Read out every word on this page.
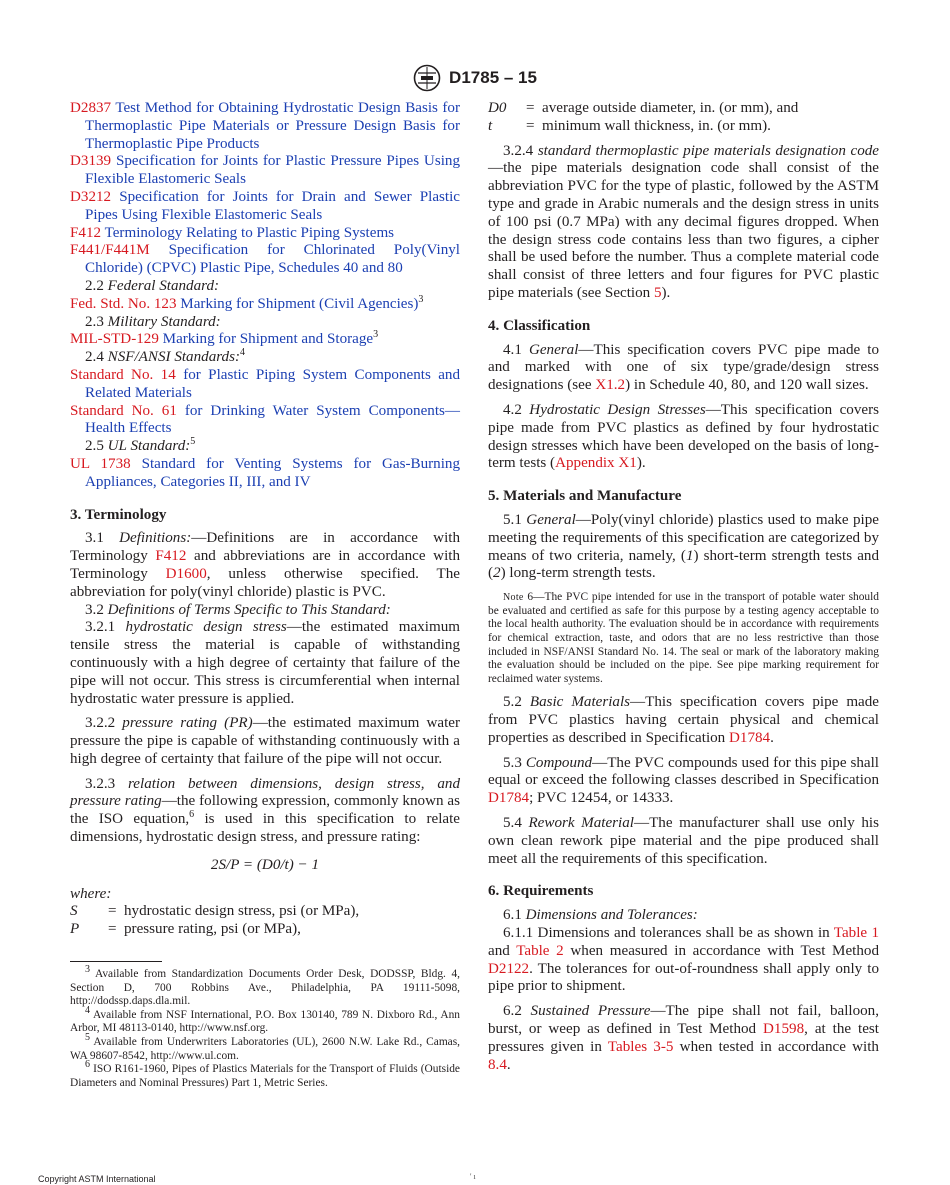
D1785 – 15
D2837 Test Method for Obtaining Hydrostatic Design Basis for Thermoplastic Pipe Materials or Pressure Design Basis for Thermoplastic Pipe Products
D3139 Specification for Joints for Plastic Pressure Pipes Using Flexible Elastomeric Seals
D3212 Specification for Joints for Drain and Sewer Plastic Pipes Using Flexible Elastomeric Seals
F412 Terminology Relating to Plastic Piping Systems
F441/F441M Specification for Chlorinated Poly(Vinyl Chloride) (CPVC) Plastic Pipe, Schedules 40 and 80
2.2 Federal Standard:
Fed. Std. No. 123 Marking for Shipment (Civil Agencies)$^3$
2.3 Military Standard:
MIL-STD-129 Marking for Shipment and Storage$^3$
2.4 NSF/ANSI Standards:$^4$
Standard No. 14 for Plastic Piping System Components and Related Materials
Standard No. 61 for Drinking Water System Components—Health Effects
2.5 UL Standard:$^5$
UL 1738 Standard for Venting Systems for Gas-Burning Appliances, Categories II, III, and IV
3. Terminology

3.1 Definitions:—Definitions are in accordance with Terminology F412 and abbreviations are in accordance with Terminology D1600, unless otherwise specified. The abbreviation for poly(vinyl chloride) plastic is PVC.

3.2 Definitions of Terms Specific to This Standard:

3.2.1 hydrostatic design stress—the estimated maximum tensile stress the material is capable of withstanding continuously with a high degree of certainty that failure of the pipe will not occur. This stress is circumferential when internal hydrostatic water pressure is applied.

3.2.2 pressure rating (PR)—the estimated maximum water pressure the pipe is capable of withstanding continuously with a high degree of certainty that failure of the pipe will not occur.

3.2.3 relation between dimensions, design stress, and pressure rating—the following expression, commonly known as the ISO equation,$^6$ is used in this specification to relate dimensions, hydrostatic design stress, and pressure rating:

2S/P = (D0/t) − 1
where:
S	= hydrostatic design stress, psi (or MPa),
P	= pressure rating, psi (or MPa),

$^3$ Available from Standardization Documents Order Desk, DODSSP, Bldg. 4, Section D, 700 Robbins Ave., Philadelphia, PA 19111-5098, http://dodssp.daps.dla.mil.

$^4$ Available from NSF International, P.O. Box 130140, 789 N. Dixboro Rd., Ann Arbor, MI 48113-0140, http://www.nsf.org.

$^5$ Available from Underwriters Laboratories (UL), 2600 N.W. Lake Rd., Camas, WA 98607-8542, http://www.ul.com.

$^6$ ISO R161-1960, Pipes of Plastics Materials for the Transport of Fluids (Outside Diameters and Nominal Pressures) Part 1, Metric Series.

D0	= average outside diameter, in. (or mm), and
t	= minimum wall thickness, in. (or mm).

3.2.4 standard thermoplastic pipe materials designation code—the pipe materials designation code shall consist of the abbreviation PVC for the type of plastic, followed by the ASTM type and grade in Arabic numerals and the design stress in units of 100 psi (0.7 MPa) with any decimal figures dropped. When the design stress code contains less than two figures, a cipher shall be used before the number. Thus a complete material code shall consist of three letters and four figures for PVC plastic pipe materials (see Section 5).

4. Classification

4.1 General—This specification covers PVC pipe made to and marked with one of six type/grade/design stress designations (see X1.2) in Schedule 40, 80, and 120 wall sizes.

4.2 Hydrostatic Design Stresses—This specification covers pipe made from PVC plastics as defined by four hydrostatic design stresses which have been developed on the basis of long-term tests (Appendix X1).

5. Materials and Manufacture

5.1 General—Poly(vinyl chloride) plastics used to make pipe meeting the requirements of this specification are categorized by means of two criteria, namely, (1) short-term strength tests and (2) long-term strength tests.

Note 6—The PVC pipe intended for use in the transport of potable water should be evaluated and certified as safe for this purpose by a testing agency acceptable to the local health authority. The evaluation should be in accordance with requirements for chemical extraction, taste, and odors that are no less restrictive than those included in NSF/ANSI Standard No. 14. The seal or mark of the laboratory making the evaluation should be included on the pipe. See pipe marking requirement for reclaimed water systems.

5.2 Basic Materials—This specification covers pipe made from PVC plastics having certain physical and chemical properties as described in Specification D1784.

5.3 Compound—The PVC compounds used for this pipe shall equal or exceed the following classes described in Specification D1784; PVC 12454, or 14333.

5.4 Rework Material—The manufacturer shall use only his own clean rework pipe material and the pipe produced shall meet all the requirements of this specification.

6. Requirements

6.1 Dimensions and Tolerances:

6.1.1 Dimensions and tolerances shall be as shown in Table 1 and Table 2 when measured in accordance with Test Method D2122. The tolerances for out-of-roundness shall apply only to pipe prior to shipment.

6.2 Sustained Pressure—The pipe shall not fail, balloon, burst, or weep as defined in Test Method D1598, at the test pressures given in Tables 3-5 when tested in accordance with 8.4.

Copyright ASTM International	' ı
